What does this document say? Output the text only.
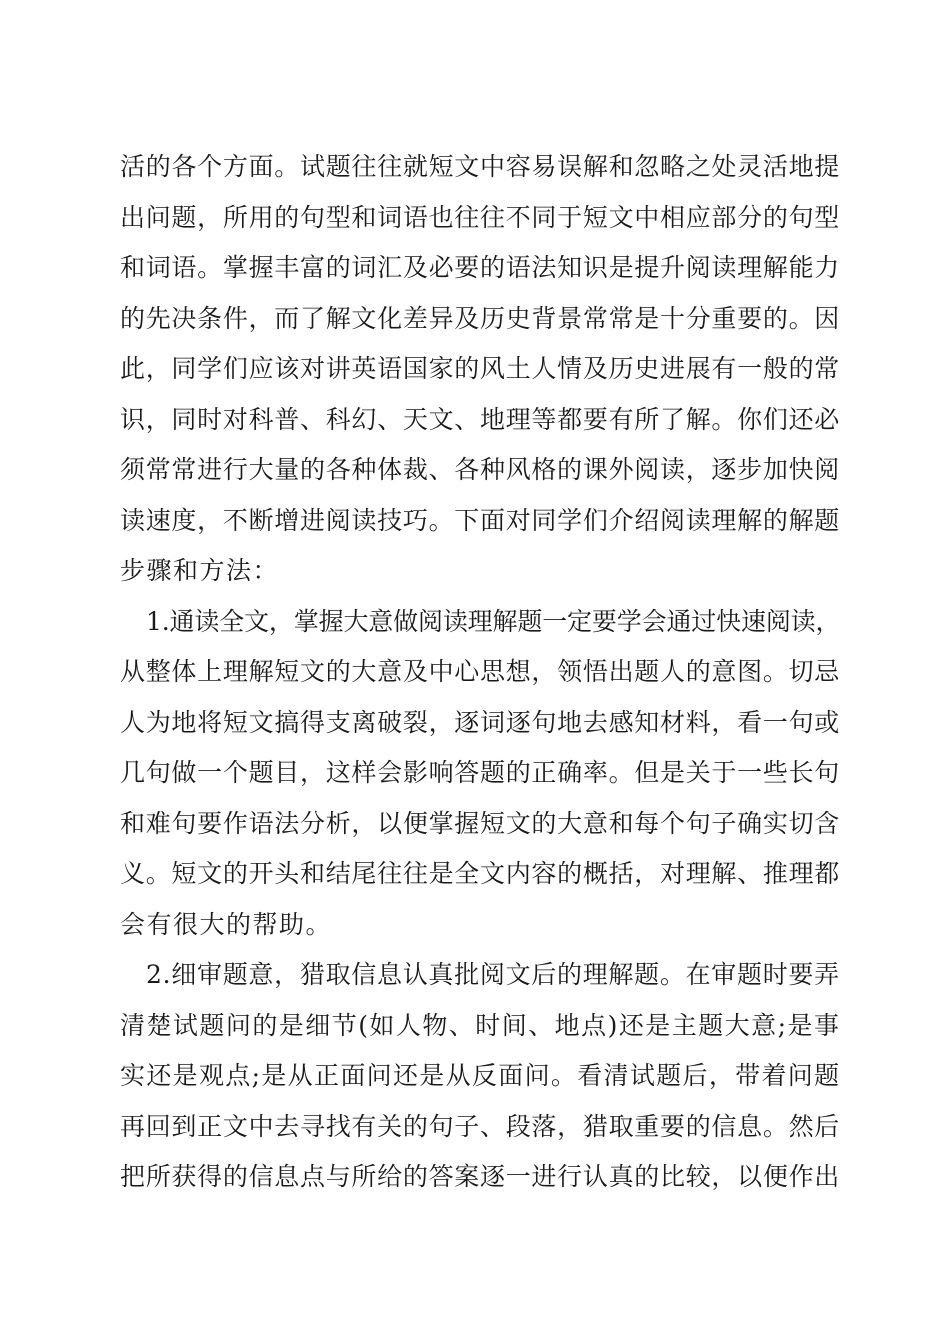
活的各个方面。试题往往就短文中容易误解和忽略之处灵活地提
出问题，所用的句型和词语也往往不同于短文中相应部分的句型
和词语。掌握丰富的词汇及必要的语法知识是提升阅读理解能力
的先决条件，而了解文化差异及历史背景常常是十分重要的。因
此，同学们应该对讲英语国家的风土人情及历史进展有一般的常
识，同时对科普、科幻、天文、地理等都要有所了解。你们还必
须常常进行大量的各种体裁、各种风格的课外阅读，逐步加快阅
读速度，不断增进阅读技巧。下面对同学们介绍阅读理解的解题
步骤和方法：
1.通读全文，掌握大意做阅读理解题一定要学会通过快速阅读，
从整体上理解短文的大意及中心思想，领悟出题人的意图。切忌
人为地将短文搞得支离破裂，逐词逐句地去感知材料，看一句或
几句做一个题目，这样会影响答题的正确率。但是关于一些长句
和难句要作语法分析，以便掌握短文的大意和每个句子确实切含
义。短文的开头和结尾往往是全文内容的概括，对理解、推理都
会有很大的帮助。
2.细审题意，猎取信息认真批阅文后的理解题。在审题时要弄
清楚试题问的是细节(如人物、时间、地点)还是主题大意;是事
实还是观点;是从正面问还是从反面问。看清试题后，带着问题
再回到正文中去寻找有关的句子、段落，猎取重要的信息。然后
把所获得的信息点与所给的答案逐一进行认真的比较，以便作出
